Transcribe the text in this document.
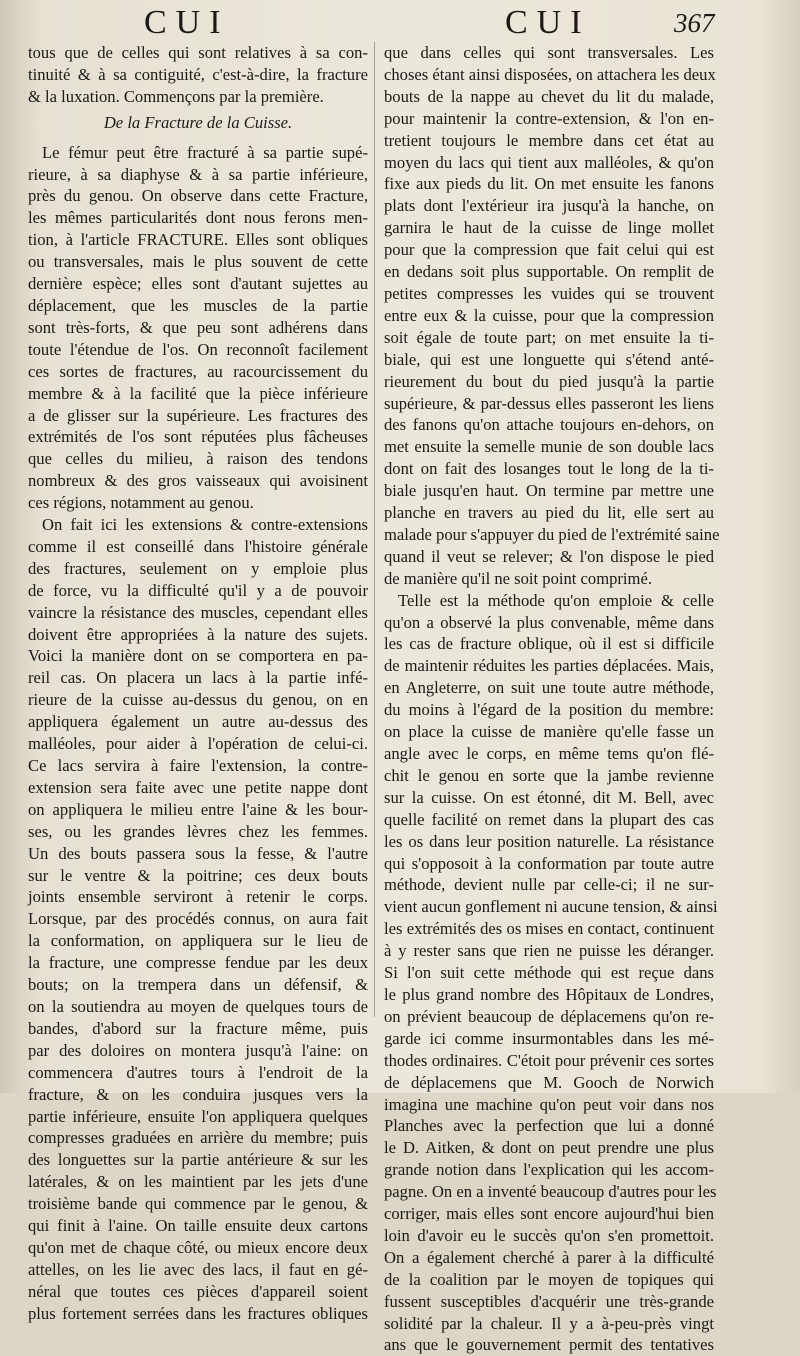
CUI	CUI	367
tous que de celles qui sont relatives à sa con-
tinuité & à sa contiguité, c'est-à-dire, la fracture
& la luxation. Commençons par la première.
De la Fracture de la Cuisse.
Le fémur peut être fracturé à sa partie supé-
rieure, à sa diaphyse & à sa partie inférieure,
près du genou. On observe dans cette Fracture,
les mêmes particularités dont nous ferons men-
tion, à l'article FRACTURE. Elles sont obliques
ou transversales, mais le plus souvent de cette
dernière espèce; elles sont d'autant sujettes au
déplacement, que les muscles de la partie
sont très-forts, & que peu sont adhérens dans
toute l'étendue de l'os. On reconnoît facilement
ces sortes de fractures, au racourcissement du
membre & à la facilité que la pièce inférieure
a de glisser sur la supérieure. Les fractures des
extrémités de l'os sont réputées plus fâcheuses
que celles du milieu, à raison des tendons
nombreux & des gros vaisseaux qui avoisinent
ces régions, notamment au genou.
On fait ici les extensions & contre-extensions
comme il est conseillé dans l'histoire générale
des fractures, seulement on y emploie plus
de force, vu la difficulté qu'il y a de pouvoir
vaincre la résistance des muscles, cependant elles
doivent être appropriées à la nature des sujets.
Voici la manière dont on se comportera en pa-
reil cas. On placera un lacs à la partie infé-
rieure de la cuisse au-dessus du genou, on en
appliquera également un autre au-dessus des
malléoles, pour aider à l'opération de celui-ci.
Ce lacs servira à faire l'extension, la contre-
extension sera faite avec une petite nappe dont
on appliquera le milieu entre l'aine & les bour-
ses, ou les grandes lèvres chez les femmes.
Un des bouts passera sous la fesse, & l'autre
sur le ventre & la poitrine; ces deux bouts
joints ensemble serviront à retenir le corps.
Lorsque, par des procédés connus, on aura fait
la conformation, on appliquera sur le lieu de
la fracture, une compresse fendue par les deux
bouts; on la trempera dans un défensif, &
on la soutiendra au moyen de quelques tours de
bandes, d'abord sur la fracture même, puis
par des doloires on montera jusqu'à l'aine: on
commencera d'autres tours à l'endroit de la
fracture, & on les conduira jusques vers la
partie inférieure, ensuite l'on appliquera quelques
compresses graduées en arrière du membre; puis
des longuettes sur la partie antérieure & sur les
latérales, & on les maintient par les jets d'une
troisième bande qui commence par le genou, &
qui finit à l'aine. On taille ensuite deux cartons
qu'on met de chaque côté, ou mieux encore deux
attelles, on les lie avec des lacs, il faut en gé-
néral que toutes ces pièces d'appareil soient
plus fortement serrées dans les fractures obliques
que dans celles qui sont transversales. Les
choses étant ainsi disposées, on attachera les deux
bouts de la nappe au chevet du lit du malade,
pour maintenir la contre-extension, & l'on en-
tretient toujours le membre dans cet état au
moyen du lacs qui tient aux malléoles, & qu'on
fixe aux pieds du lit. On met ensuite les fanons
plats dont l'extérieur ira jusqu'à la hanche, on
garnira le haut de la cuisse de linge mollet
pour que la compression que fait celui qui est
en dedans soit plus supportable. On remplit de
petites compresses les vuides qui se trouvent
entre eux & la cuisse, pour que la compression
soit égale de toute part; on met ensuite la ti-
biale, qui est une longuette qui s'étend anté-
rieurement du bout du pied jusqu'à la partie
supérieure, & par-dessus elles passeront les liens
des fanons qu'on attache toujours en-dehors, on
met ensuite la semelle munie de son double lacs
dont on fait des losanges tout le long de la ti-
biale jusqu'en haut. On termine par mettre une
planche en travers au pied du lit, elle sert au
malade pour s'appuyer du pied de l'extrémité saine
quand il veut se relever; & l'on dispose le pied
de manière qu'il ne soit point comprimé.
Telle est la méthode qu'on emploie & celle
qu'on a observé la plus convenable, même dans
les cas de fracture oblique, où il est si difficile
de maintenir réduites les parties déplacées. Mais,
en Angleterre, on suit une toute autre méthode,
du moins à l'égard de la position du membre:
on place la cuisse de manière qu'elle fasse un
angle avec le corps, en même tems qu'on flé-
chit le genou en sorte que la jambe revienne
sur la cuisse. On est étonné, dit M. Bell, avec
quelle facilité on remet dans la plupart des cas
les os dans leur position naturelle. La résistance
qui s'opposoit à la conformation par toute autre
méthode, devient nulle par celle-ci; il ne sur-
vient aucun gonflement ni aucune tension, & ainsi
les extrémités des os mises en contact, continuent
à y rester sans que rien ne puisse les déranger.
Si l'on suit cette méthode qui est reçue dans
le plus grand nombre des Hôpitaux de Londres,
on prévient beaucoup de déplacemens qu'on re-
garde ici comme insurmontables dans les mé-
thodes ordinaires. C'étoit pour prévenir ces sortes
de déplacemens que M. Gooch de Norwich
imagina une machine qu'on peut voir dans nos
Planches avec la perfection que lui a donné
le D. Aitken, & dont on peut prendre une plus
grande notion dans l'explication qui les accom-
pagne. On en a inventé beaucoup d'autres pour les
corriger, mais elles sont encore aujourd'hui bien
loin d'avoir eu le succès qu'on s'en promettoit.
On a également cherché à parer à la difficulté
de la coalition par le moyen de topiques qui
fussent susceptibles d'acquérir une très-grande
solidité par la chaleur. Il y a à-peu-près vingt
ans que le gouvernement permit des tentatives
